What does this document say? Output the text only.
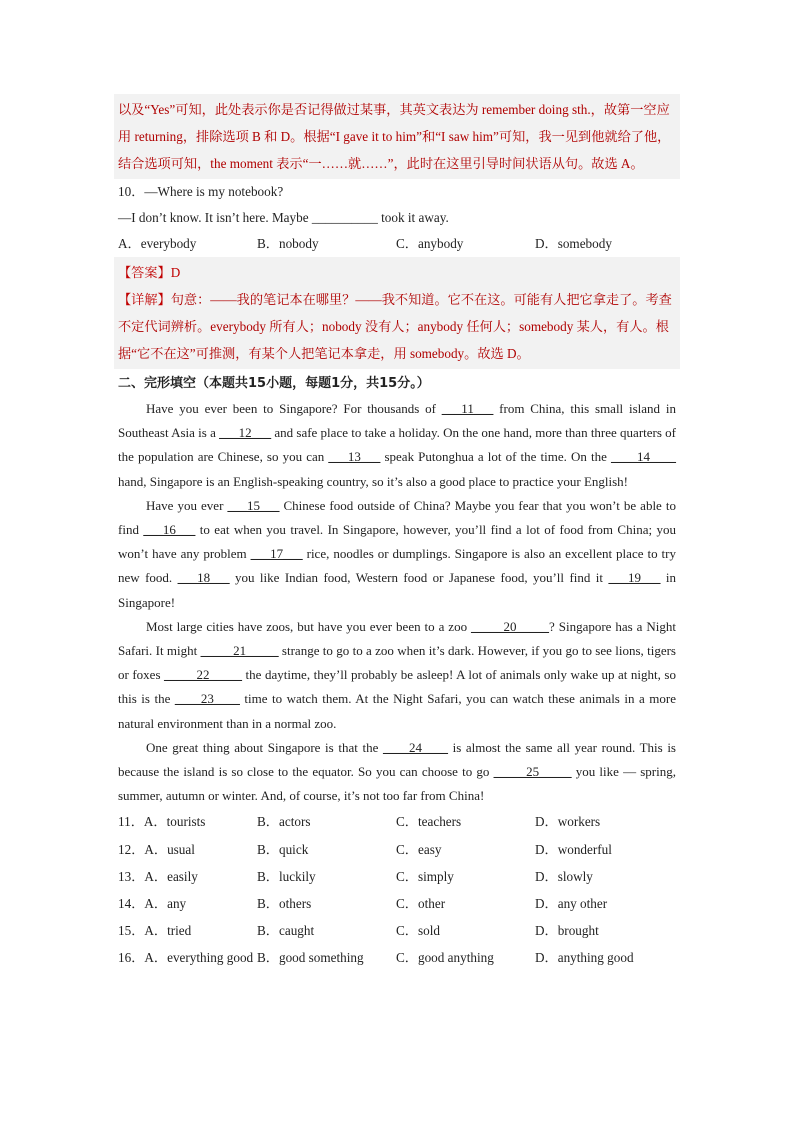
以及“Yes”可知，此处表示你是否记得做过某事，其英文表达为 remember doing sth.，故第一空应用 returning，排除选项 B 和 D。根据“I gave it to him”和“I saw him”可知，我一见到他就给了他，结合选项可知，the moment 表示“一……就……”，此时在这里引导时间状语从句。故选 A。
10．—Where is my notebook?
—I don’t know. It isn’t here. Maybe __________ took it away.
A．everybody	B．nobody	C．anybody	D．somebody
【答案】D
【详解】句意：——我的笔记本在哪里？——我不知道。它不在这。可能有人把它拿走了。考查不定代词辨析。everybody 所有人；nobody 没有人；anybody 任何人；somebody 某人，有人。根据“它不在这”可推测，有某个人把笔记本拿走，用 somebody。故选 D。
二、完形填空（本题共15小题，每题1分，共15分。）

Have you ever been to Singapore? For thousands of ___11___ from China, this small island in Southeast Asia is a ___12___ and safe place to take a holiday. On the one hand, more than three quarters of the population are Chinese, so you can ___13___ speak Putonghua a lot of the time. On the ____14____ hand, Singapore is an English-speaking country, so it’s also a good place to practice your English!

Have you ever ___15___ Chinese food outside of China? Maybe you fear that you won’t be able to find ___16___ to eat when you travel. In Singapore, however, you’ll find a lot of food from China; you won’t have any problem ___17___ rice, noodles or dumplings. Singapore is also an excellent place to try new food. ___18___ you like Indian food, Western food or Japanese food, you’ll find it ___19___ in Singapore!

Most large cities have zoos, but have you ever been to a zoo _____20_____? Singapore has a Night Safari. It might _____21_____ strange to go to a zoo when it’s dark. However, if you go to see lions, tigers or foxes _____22_____ the daytime, they’ll probably be asleep! A lot of animals only wake up at night, so this is the ____23____ time to watch them. At the Night Safari, you can watch these animals in a more natural environment than in a normal zoo.

One great thing about Singapore is that the ____24____ is almost the same all year round. This is because the island is so close to the equator. So you can choose to go _____25_____ you like — spring, summer, autumn or winter. And, of course, it’s not too far from China!

11．A．tourists	B．actors	C．teachers	D．workers
12．A．usual	B．quick	C．easy	D．wonderful
13．A．easily	B．luckily	C．simply	D．slowly
14．A．any	B．others	C．other	D．any other
15．A．tried	B．caught	C．sold	D．brought
16．A．everything good B．good something	C．good anything	D．anything good
